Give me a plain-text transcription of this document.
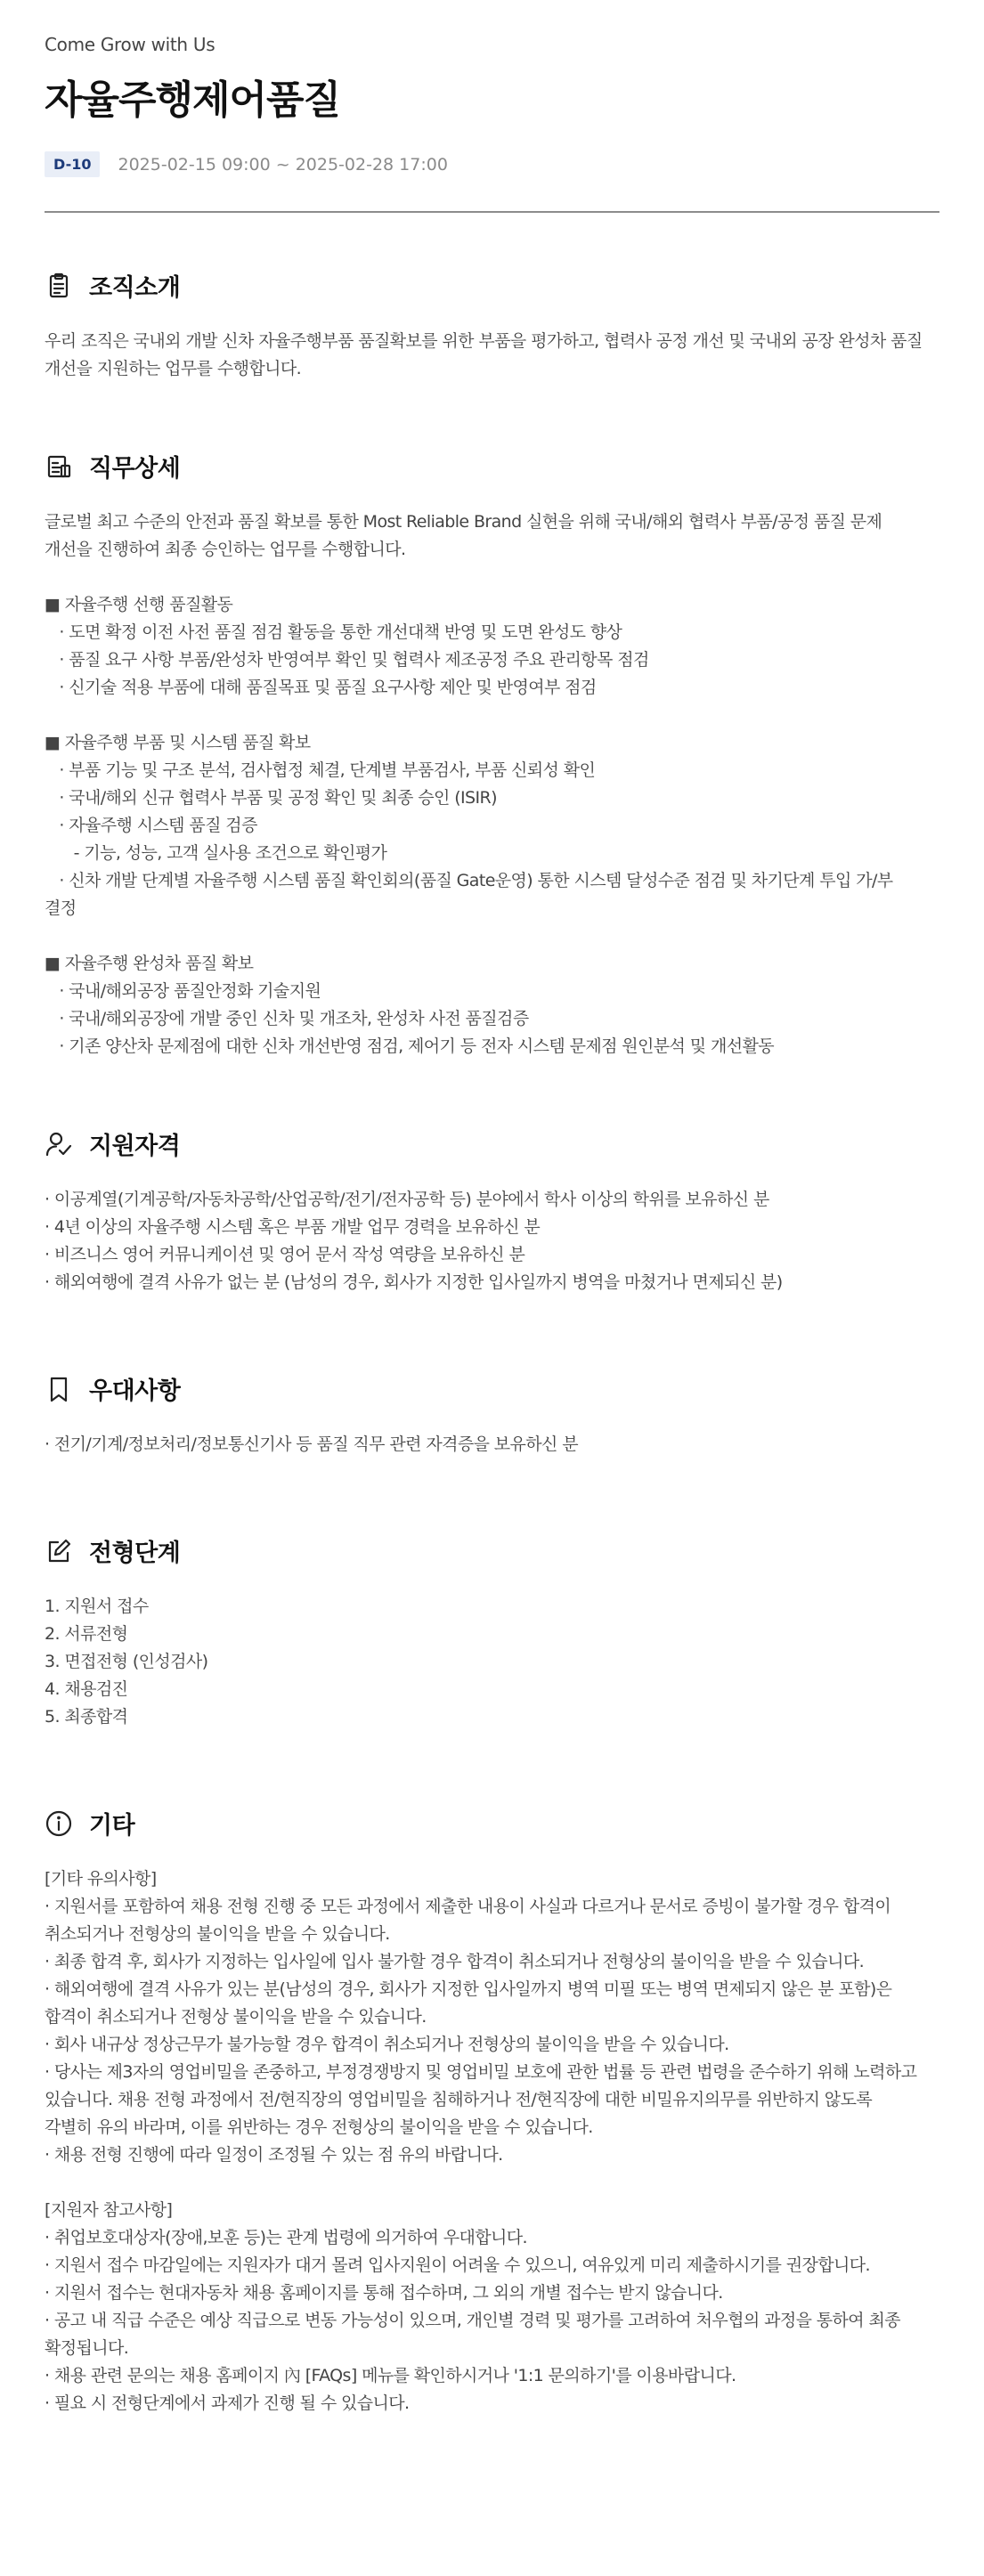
Come Grow with Us

자율주행제어품질
D-10	2025-02-15 09:00 ~ 2025-02-28 17:00
조직소개

우리 조직은 국내외 개발 신차 자율주행부품 품질확보를 위한 부품을 평가하고, 협력사 공정 개선 및 국내외 공장 완성차 품질
개선을 지원하는 업무를 수행합니다.

직무상세

글로벌 최고 수준의 안전과 품질 확보를 통한 Most Reliable Brand 실현을 위해 국내/해외 협력사 부품/공정 품질 문제
개선을 진행하여 최종 승인하는 업무를 수행합니다.

■ 자율주행 선행 품질활동
· 도면 확정 이전 사전 품질 점검 활동을 통한 개선대책 반영 및 도면 완성도 향상
· 품질 요구 사항 부품/완성차 반영여부 확인 및 협력사 제조공정 주요 관리항목 점검
· 신기술 적용 부품에 대해 품질목표 및 품질 요구사항 제안 및 반영여부 점검

■ 자율주행 부품 및 시스템 품질 확보
· 부품 기능 및 구조 분석, 검사협정 체결, 단계별 부품검사, 부품 신뢰성 확인
· 국내/해외 신규 협력사 부품 및 공정 확인 및 최종 승인 (ISIR)
· 자율주행 시스템 품질 검증
- 기능, 성능, 고객 실사용 조건으로 확인평가
· 신차 개발 단계별 자율주행 시스템 품질 확인회의(품질 Gate운영) 통한 시스템 달성수준 점검 및 차기단계 투입 가/부
결정

■ 자율주행 완성차 품질 확보
· 국내/해외공장 품질안정화 기술지원
· 국내/해외공장에 개발 중인 신차 및 개조차, 완성차 사전 품질검증
· 기존 양산차 문제점에 대한 신차 개선반영 점검, 제어기 등 전자 시스템 문제점 원인분석 및 개선활동

지원자격

· 이공계열(기계공학/자동차공학/산업공학/전기/전자공학 등) 분야에서 학사 이상의 학위를 보유하신 분
· 4년 이상의 자율주행 시스템 혹은 부품 개발 업무 경력을 보유하신 분
· 비즈니스 영어 커뮤니케이션 및 영어 문서 작성 역량을 보유하신 분
· 해외여행에 결격 사유가 없는 분 (남성의 경우, 회사가 지정한 입사일까지 병역을 마쳤거나 면제되신 분)

우대사항

· 전기/기계/정보처리/정보통신기사 등 품질 직무 관련 자격증을 보유하신 분

전형단계

1. 지원서 접수
2. 서류전형
3. 면접전형 (인성검사)
4. 채용검진
5. 최종합격

기타

[기타 유의사항]
· 지원서를 포함하여 채용 전형 진행 중 모든 과정에서 제출한 내용이 사실과 다르거나 문서로 증빙이 불가할 경우 합격이
취소되거나 전형상의 불이익을 받을 수 있습니다.
· 최종 합격 후, 회사가 지정하는 입사일에 입사 불가할 경우 합격이 취소되거나 전형상의 불이익을 받을 수 있습니다.
· 해외여행에 결격 사유가 있는 분(남성의 경우, 회사가 지정한 입사일까지 병역 미필 또는 병역 면제되지 않은 분 포함)은
합격이 취소되거나 전형상 불이익을 받을 수 있습니다.
· 회사 내규상 정상근무가 불가능할 경우 합격이 취소되거나 전형상의 불이익을 받을 수 있습니다.
· 당사는 제3자의 영업비밀을 존중하고, 부정경쟁방지 및 영업비밀 보호에 관한 법률 등 관련 법령을 준수하기 위해 노력하고
있습니다. 채용 전형 과정에서 전/현직장의 영업비밀을 침해하거나 전/현직장에 대한 비밀유지의무를 위반하지 않도록
각별히 유의 바라며, 이를 위반하는 경우 전형상의 불이익을 받을 수 있습니다.
· 채용 전형 진행에 따라 일정이 조정될 수 있는 점 유의 바랍니다.

[지원자 참고사항]
· 취업보호대상자(장애,보훈 등)는 관계 법령에 의거하여 우대합니다.
· 지원서 접수 마감일에는 지원자가 대거 몰려 입사지원이 어려울 수 있으니, 여유있게 미리 제출하시기를 권장합니다.
· 지원서 접수는 현대자동차 채용 홈페이지를 통해 접수하며, 그 외의 개별 접수는 받지 않습니다.
· 공고 내 직급 수준은 예상 직급으로 변동 가능성이 있으며, 개인별 경력 및 평가를 고려하여 처우협의 과정을 통하여 최종
확정됩니다.
· 채용 관련 문의는 채용 홈페이지 內 [FAQs] 메뉴를 확인하시거나 '1:1 문의하기'를 이용바랍니다.
· 필요 시 전형단계에서 과제가 진행 될 수 있습니다.
